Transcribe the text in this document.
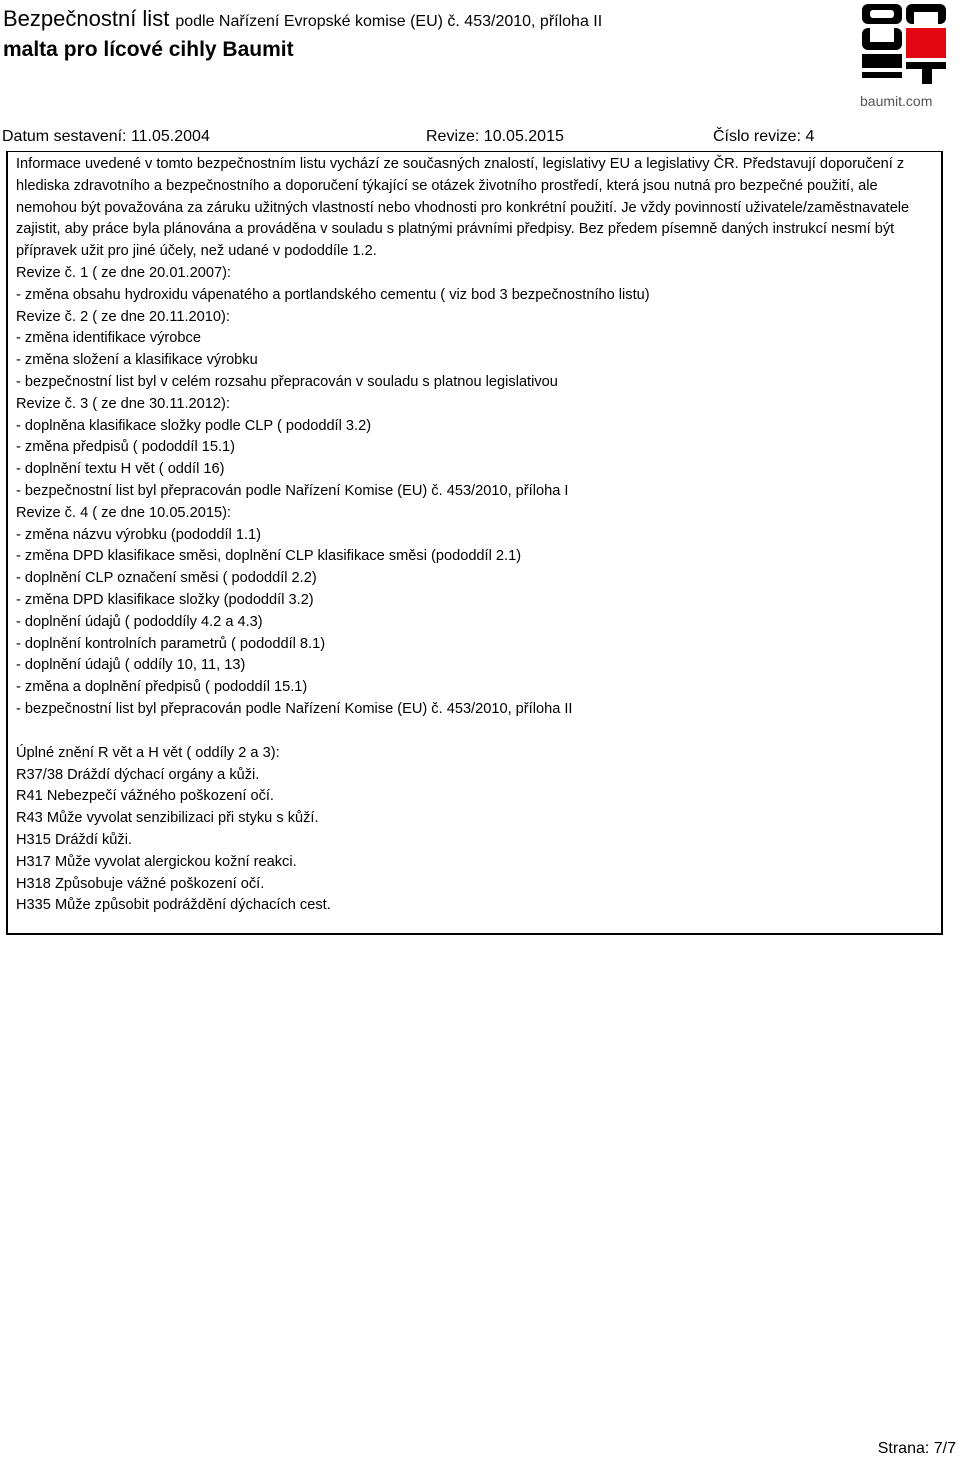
Bezpečnostní list podle Nařízení Evropské komise (EU) č. 453/2010, příloha II
malta pro lícové cihly Baumit
baumit.com
Datum sestavení: 11.05.2004	Revize: 10.05.2015	Číslo revize: 4

Informace uvedené v tomto bezpečnostním listu vychází ze současných znalostí, legislativy EU a legislativy ČR. Představují doporučení z hlediska zdravotního a bezpečnostního a doporučení týkající se otázek životního prostředí, která jsou nutná pro bezpečné použití, ale nemohou být považována za záruku užitných vlastností nebo vhodnosti pro konkrétní použití. Je vždy povinností uživatele/zaměstnavatele zajistit, aby práce byla plánována a prováděna v souladu s platnými právními předpisy. Bez předem písemně daných instrukcí nesmí být přípravek užit pro jiné účely, než udané v pododdíle 1.2.

Revize č. 1 ( ze dne 20.01.2007):

- změna obsahu hydroxidu vápenatého a portlandského cementu ( viz bod 3 bezpečnostního listu)

Revize č. 2 ( ze dne 20.11.2010):

- změna identifikace výrobce

- změna složení a klasifikace výrobku

- bezpečnostní list byl v celém rozsahu přepracován v souladu s platnou legislativou

Revize č. 3 ( ze dne 30.11.2012):

- doplněna klasifikace složky podle CLP ( pododdíl 3.2)

- změna předpisů ( pododdíl 15.1)

- doplnění textu H vět ( oddíl 16)

- bezpečnostní list byl přepracován podle Nařízení Komise (EU) č. 453/2010, příloha I

Revize č. 4 ( ze dne 10.05.2015):

- změna názvu výrobku (pododdíl 1.1)

- změna DPD klasifikace směsi, doplnění CLP klasifikace směsi (pododdíl 2.1)

- doplnění CLP označení směsi ( pododdíl 2.2)

- změna DPD klasifikace složky (pododdíl 3.2)

- doplnění údajů ( pododdíly 4.2 a 4.3)

- doplnění kontrolních parametrů ( pododdíl 8.1)

- doplnění údajů ( oddíly 10, 11, 13)

- změna a doplnění předpisů ( pododdíl 15.1)

- bezpečnostní list byl přepracován podle Nařízení Komise (EU) č. 453/2010, příloha II

Úplné znění R vět a H vět ( oddíly 2 a 3):

R37/38 Dráždí dýchací orgány a kůži.

R41 Nebezpečí vážného poškození očí.

R43 Může vyvolat senzibilizaci při styku s kůží.

H315 Dráždí kůži.

H317 Může vyvolat alergickou kožní reakci.

H318 Způsobuje vážné poškození očí.

H335 Může způsobit podráždění dýchacích cest.

Strana: 7/7
